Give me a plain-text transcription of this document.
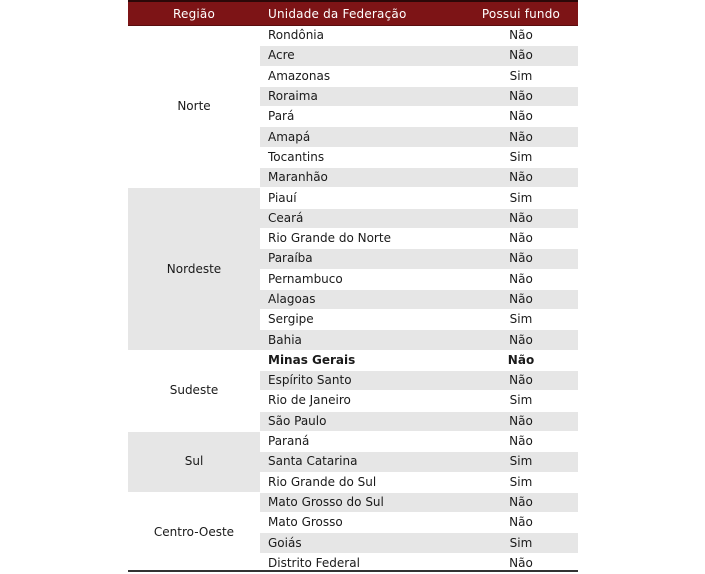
Região	Unidade da Federação	Possui fundo
Norte	Rondônia	Não
	Acre	Não
	Amazonas	Sim
	Roraima	Não
	Pará	Não
	Amapá	Não
	Tocantins	Sim
	Maranhão	Não
Nordeste	Piauí	Sim
	Ceará	Não
	Rio Grande do Norte	Não
	Paraíba	Não
	Pernambuco	Não
	Alagoas	Não
	Sergipe	Sim
	Bahia	Não
Sudeste	Minas Gerais	Não
	Espírito Santo	Não
	Rio de Janeiro	Sim
	São Paulo	Não
Sul	Paraná	Não
	Santa Catarina	Sim
	Rio Grande do Sul	Sim
Centro-Oeste	Mato Grosso do Sul	Não
	Mato Grosso	Não
	Goiás	Sim
	Distrito Federal	Não
